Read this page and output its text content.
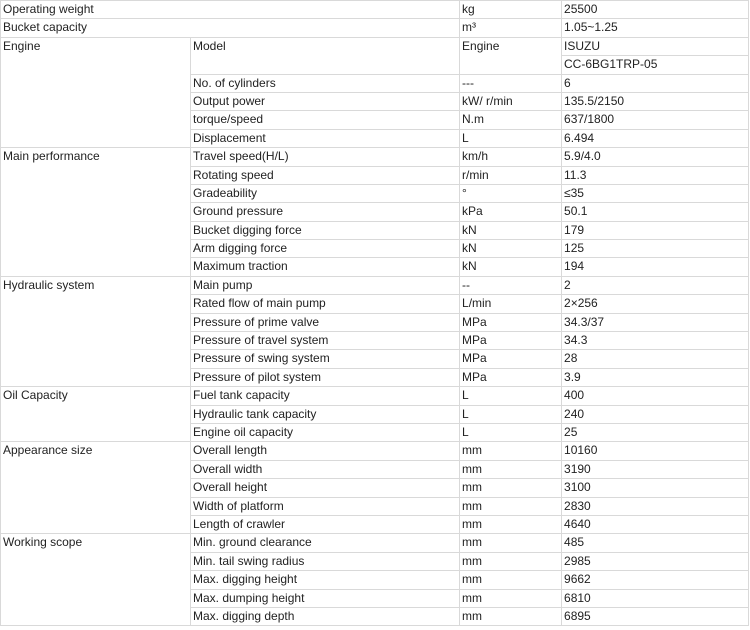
Operating weight		kg	25500
Bucket capacity		m³	1.05~1.25
Engine	Model	Engine	ISUZU
			CC-6BG1TRP-05
	No. of cylinders	---	6
	Output power	kW/ r/min	135.5/2150
	torque/speed	N.m	637/1800
	Displacement	L	6.494
Main performance	Travel speed(H/L)	km/h	5.9/4.0
	Rotating speed	r/min	11.3
	Gradeability	°	≤35
	Ground pressure	kPa	50.1
	Bucket digging force	kN	179
	Arm digging force	kN	125
	Maximum traction	kN	194
Hydraulic system	Main pump	--	2
	Rated flow of main pump	L/min	2×256
	Pressure of prime valve	MPa	34.3/37
	Pressure of travel system	MPa	34.3
	Pressure of swing system	MPa	28
	Pressure of pilot system	MPa	3.9
Oil Capacity	Fuel tank capacity	L	400
	Hydraulic tank capacity	L	240
	Engine oil capacity	L	25
Appearance size	Overall length	mm	10160
	Overall width	mm	3190
	Overall height	mm	3100
	Width of platform	mm	2830
	Length of crawler	mm	4640
Working scope	Min. ground clearance	mm	485
	Min. tail swing radius	mm	2985
	Max. digging height	mm	9662
	Max. dumping height	mm	6810
	Max. digging depth	mm	6895
